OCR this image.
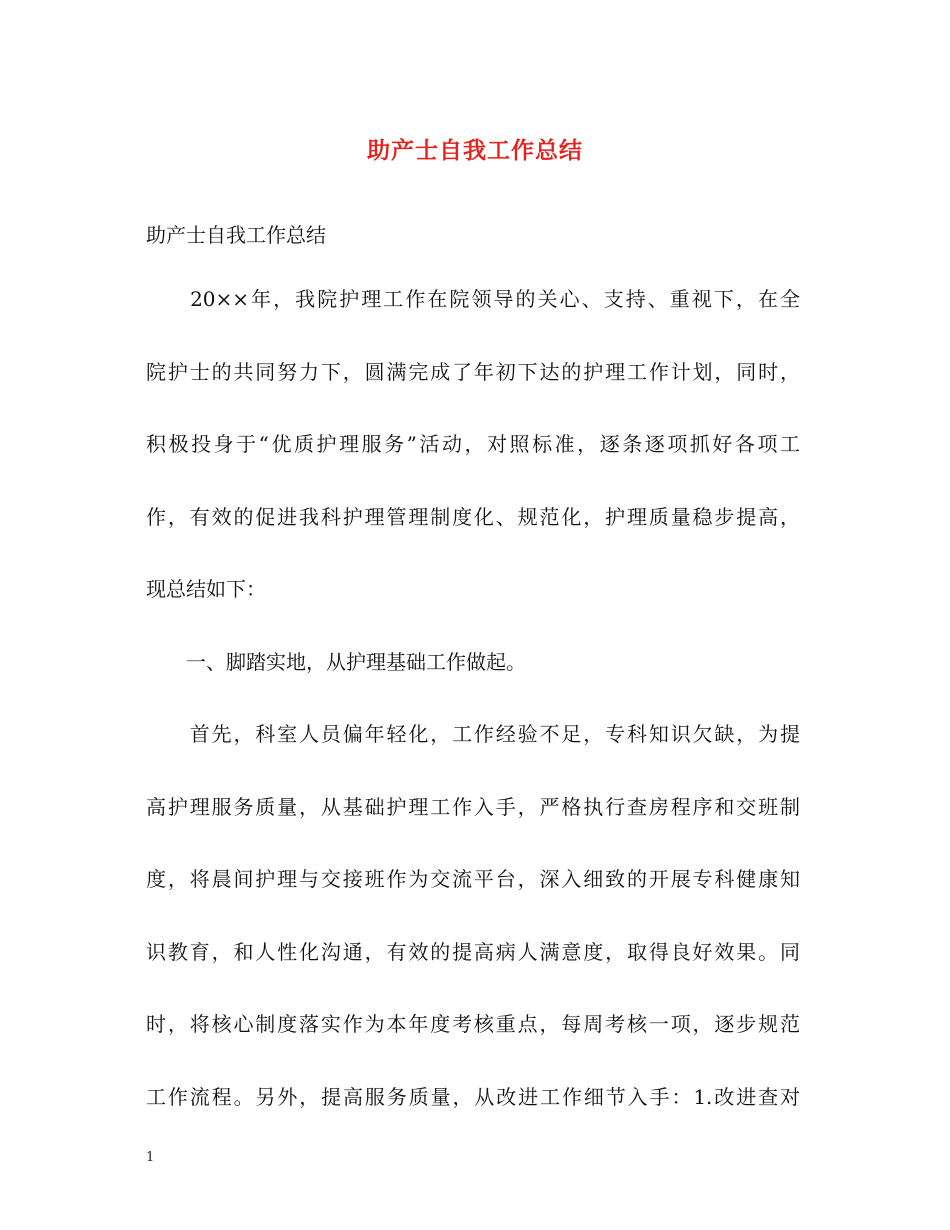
助产士自我工作总结
助产士自我工作总结
　　20××年，我院护理工作在院领导的关心、支持、重视下，在全
院护士的共同努力下，圆满完成了年初下达的护理工作计划，同时，
积极投身于“优质护理服务”活动，对照标准，逐条逐项抓好各项工
作，有效的促进我科护理管理制度化、规范化，护理质量稳步提高，
现总结如下：
　　一、脚踏实地，从护理基础工作做起。
　　首先，科室人员偏年轻化，工作经验不足，专科知识欠缺，为提
高护理服务质量，从基础护理工作入手，严格执行查房程序和交班制
度，将晨间护理与交接班作为交流平台，深入细致的开展专科健康知
识教育，和人性化沟通，有效的提高病人满意度，取得良好效果。同
时，将核心制度落实作为本年度考核重点，每周考核一项，逐步规范
工作流程。另外，提高服务质量，从改进工作细节入手：1.改进查对
1
